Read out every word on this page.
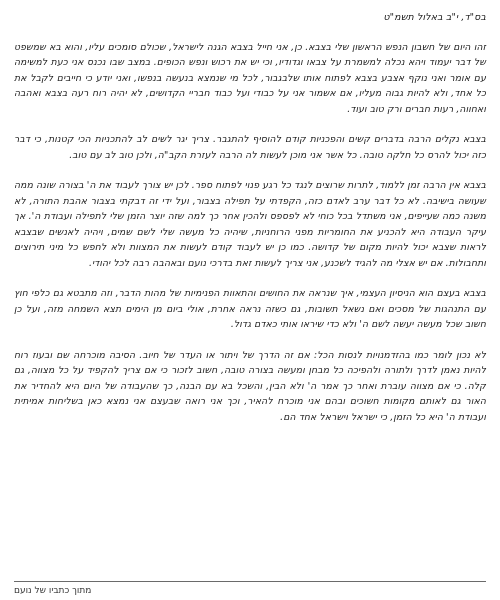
בס"ד, י"ב באלול תשמ"ט

זהו היום של חשבון הנפש הראשון שלי בצבא. כן, אני חייל בצבא הגנה לישראל, שכולם סומכים עליו, והוא בא שמשפט של דבר יעמוד ויהא נכלה למשמרת על צבאו וגדודיו, וכי יש את רכוש ונפש הכופים. במצב שבו נכנס אני כעת למשימה עם אומר ואני נוקף אצבע בצבא לפתוח אותו שלבגבור, לכל מי שנמצא בנעשה בנפשו, ואני יודע כי חייבים לקבל את כל אחד, ולא להיות גבוה מעליו, אם אשמור אני על כבודי ועל כבוד חבריי הקדושים, לא יהיה רוח רעה בצבא ואהבה ואחווה, רעות חברים ורק טוב ועוד.

בצבא נקלים הרבה בדברים קשים והפכניות קודם להוסיף להתגבר. צריך יגר לשים לב להתכניות הכי קטנות, כי דבר כזה יכול להרס כל חלקה טובה. כל אשר אני מוכן לעשות לה הרבה לעזרת הקב"ה, ולכן טוב לב עם טוב.

בצבא אין הרבה זמן ללמוד, לתרות שרוצים לנגד כל רגע פנוי לפתוח ספר. לכן יש צורך לעבוד את ה' בצורה שונה ממה שעושה בישיבה. לא כל דבר ערב לאדם כזה, הקפדתי על תפילה בצבור, ועל ידי זה דבקתי בצבור אהבת התורה, לא משנה כמה שעייפים, אני משתדל בכל כוחי לא לפספס ולהכין אחר כך למה שזה יוצר הזמן שלי לתפילה ועבודת ה'. אך עיקר העבודה היא להכניע את החומריות מפני הרוחניות, שיהיה כל מעשה שלי לשם שמים, ויהיה לאנשים שבצבא לראות שצבא יכול להיות מקום של קדושה. כמו כן יש לעבוד קודם לעשות את המצוות ולא לחפש כל מיני תירוצים ותחבולות. אם יש אצלי מה להגיד לשכנע, אני צריך לעשות זאת בדרכי נועם ובאהבה רבה לכל יהודי.

בצבא בעצם הוא הניסיון העצמי, איך שנראה את החושים והתאוות הפנימיות של מהות הדבר, וזה מתבטא גם כלפי חוץ עם התנהגות של מסכים ואם נשאל תשובות, גם כשזה נראה אחרת, אולי ביום מן הימים תצא השמחה מזה, ועל כן חשוב שכל מעשה יעשה לשם ה' ולא כדי שיראו אותי כאדם גדול.

לא נכון לומר כמו בהזדמנויות לנסות הכל: אם זה הדרך של ויתור או העדר של חיוב. הסיבה מוכרחה שם ובעוז רוח להיות נאמן לדרך ולתורה ולהפיכה כל מבחן ומעשה בצורה טובה, חשוב לזכור כי אם צריך להקפיד על כל מצווה, גם קלה. כי אם מצווה עוברת ואחר כך אמר ה' ולא הבין, והשכל בא עם הבנה, כך שהעבודה של היום היא להחדיר את האור גם לאותם מקומות חשוכים ובהם אני מוכרח להאיר, וכך אני רואה שבעצם אני נמצא כאן בשליחות אמיתית ועבודת ה' היא כל הזמן, כי ישראל וישראל אחד הם.

מתוך כתביו של נועם
